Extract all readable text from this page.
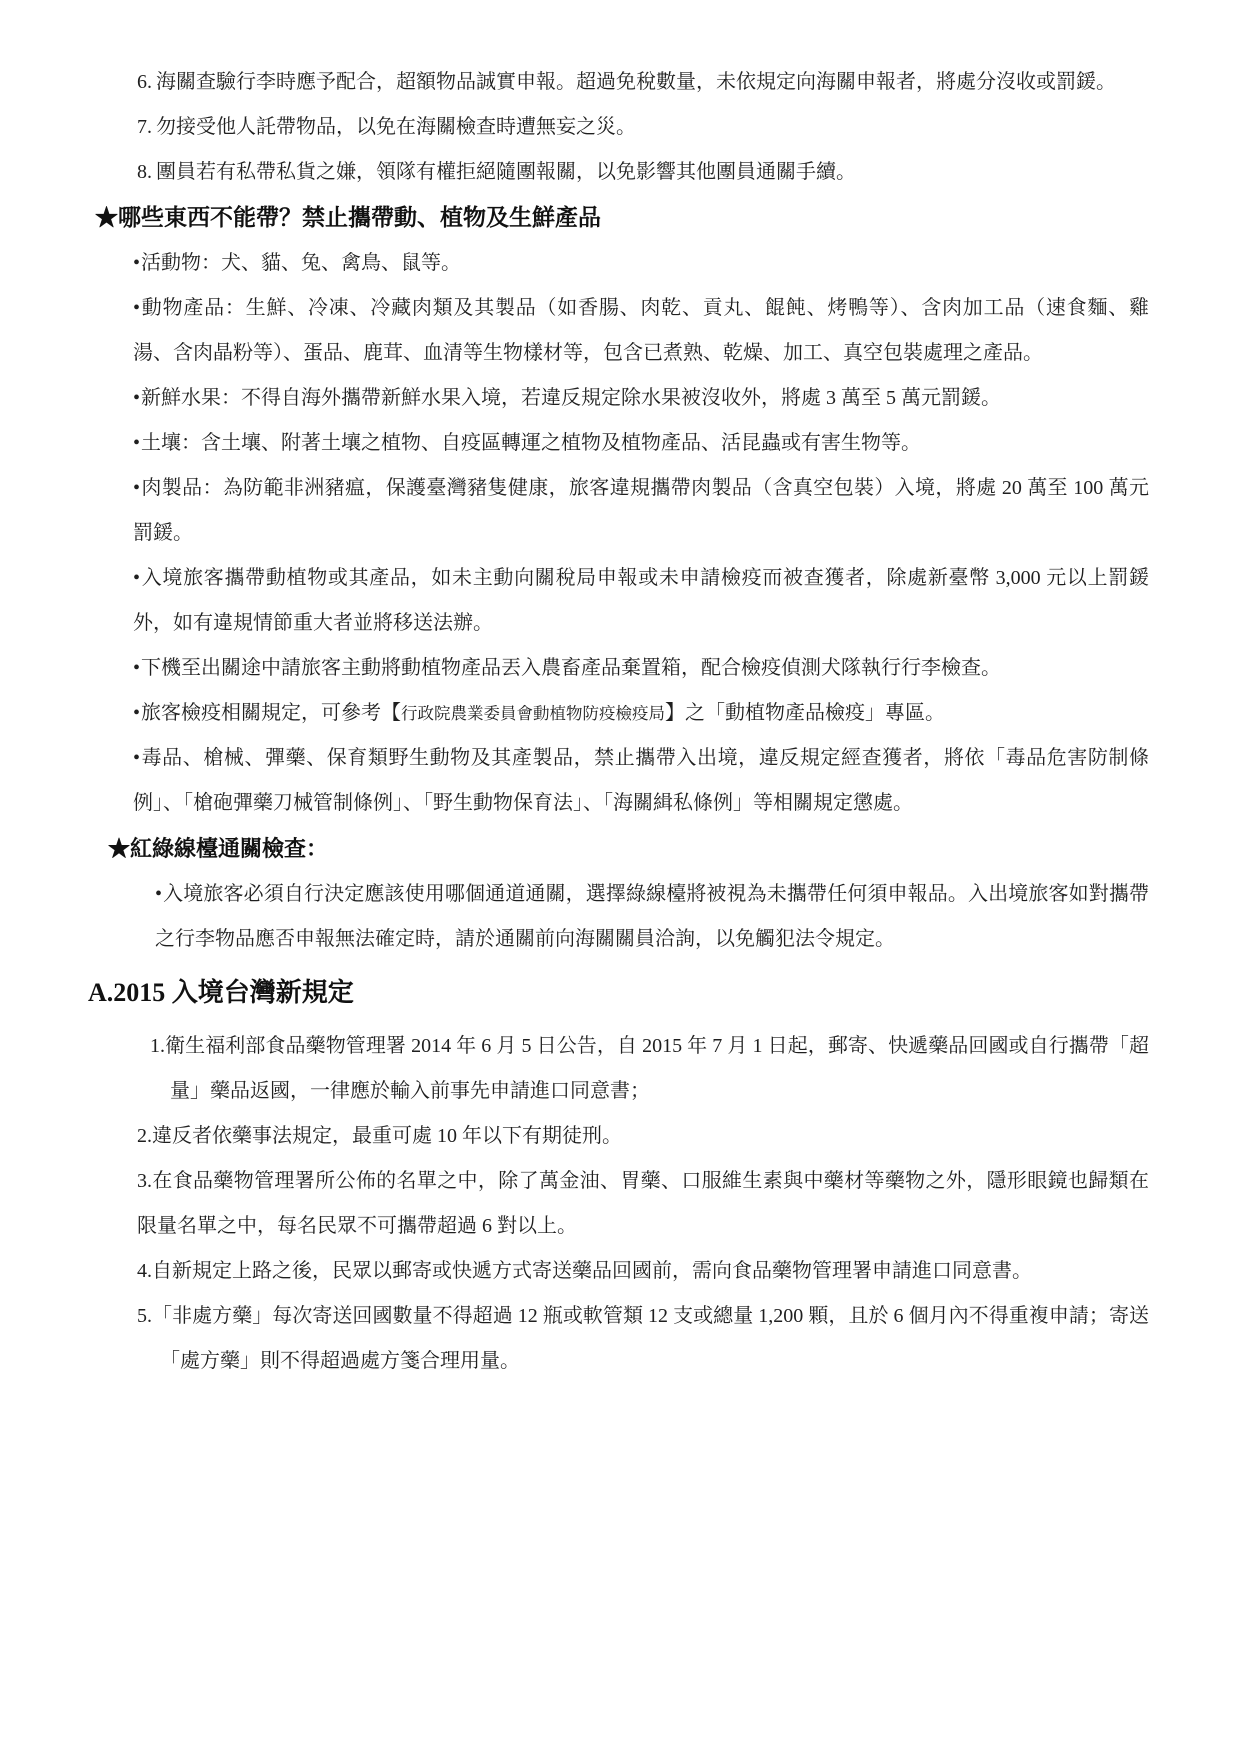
6. 海關查驗行李時應予配合，超額物品誠實申報。超過免稅數量，未依規定向海關申報者，將處分沒收或罰鍰。

7. 勿接受他人託帶物品，以免在海關檢查時遭無妄之災。

8. 團員若有私帶私貨之嫌，領隊有權拒絕隨團報關，以免影響其他團員通關手續。

★哪些東西不能帶？禁止攜帶動、植物及生鮮產品

•活動物：犬、貓、兔、禽鳥、鼠等。

•動物產品：生鮮、冷凍、冷藏肉類及其製品（如香腸、肉乾、貢丸、餛飩、烤鴨等）、含肉加工品（速食麵、雞湯、含肉晶粉等）、蛋品、鹿茸、血清等生物樣材等，包含已煮熟、乾燥、加工、真空包裝處理之產品。

•新鮮水果：不得自海外攜帶新鮮水果入境，若違反規定除水果被沒收外，將處 3 萬至 5 萬元罰鍰。

•土壤：含土壤、附著土壤之植物、自疫區轉運之植物及植物產品、活昆蟲或有害生物等。

•肉製品：為防範非洲豬瘟，保護臺灣豬隻健康，旅客違規攜帶肉製品（含真空包裝）入境，將處 20 萬至 100 萬元罰鍰。

•入境旅客攜帶動植物或其產品，如未主動向關稅局申報或未申請檢疫而被查獲者，除處新臺幣 3,000 元以上罰鍰外，如有違規情節重大者並將移送法辦。

•下機至出關途中請旅客主動將動植物產品丟入農畜產品棄置箱，配合檢疫偵測犬隊執行行李檢查。

•旅客檢疫相關規定，可參考【行政院農業委員會動植物防疫檢疫局】之「動植物產品檢疫」專區。

•毒品、槍械、彈藥、保育類野生動物及其產製品，禁止攜帶入出境，違反規定經查獲者，將依「毒品危害防制條例」、「槍砲彈藥刀械管制條例」、「野生動物保育法」、「海關緝私條例」等相關規定懲處。

★紅綠線檯通關檢查：

•入境旅客必須自行決定應該使用哪個通道通關，選擇綠線檯將被視為未攜帶任何須申報品。入出境旅客如對攜帶之行李物品應否申報無法確定時，請於通關前向海關關員洽詢，以免觸犯法令規定。

A.2015 入境台灣新規定

1.衛生福利部食品藥物管理署 2014 年 6 月 5 日公告，自 2015 年 7 月 1 日起，郵寄、快遞藥品回國或自行攜帶「超量」藥品返國，一律應於輸入前事先申請進口同意書；

2.違反者依藥事法規定，最重可處 10 年以下有期徒刑。

3.在食品藥物管理署所公佈的名單之中，除了萬金油、胃藥、口服維生素與中藥材等藥物之外，隱形眼鏡也歸類在限量名單之中，每名民眾不可攜帶超過 6 對以上。

4.自新規定上路之後，民眾以郵寄或快遞方式寄送藥品回國前，需向食品藥物管理署申請進口同意書。

5.「非處方藥」每次寄送回國數量不得超過 12 瓶或軟管類 12 支或總量 1,200 顆，且於 6 個月內不得重複申請；寄送「處方藥」則不得超過處方箋合理用量。
